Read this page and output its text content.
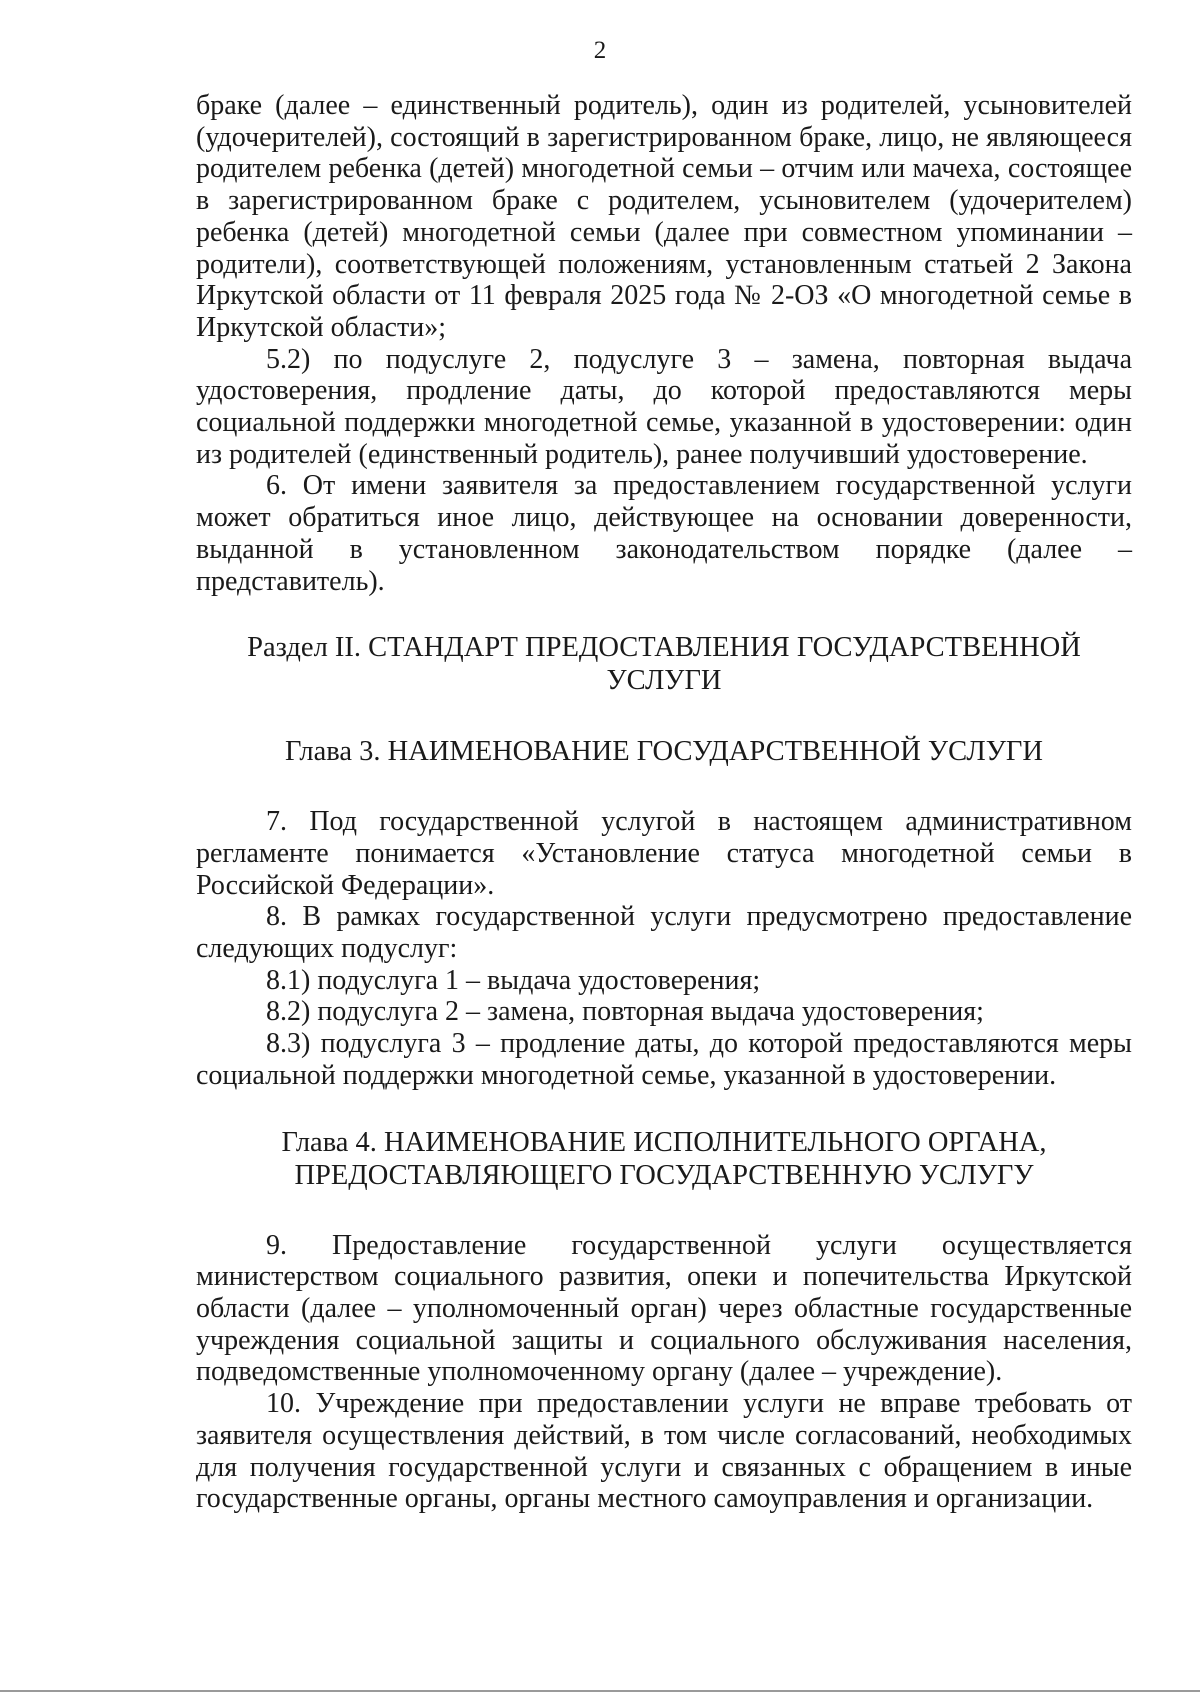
2

браке (далее – единственный родитель), один из родителей, усыновителей (удочерителей), состоящий в зарегистрированном браке, лицо, не являющееся родителем ребенка (детей) многодетной семьи – отчим или мачеха, состоящее в зарегистрированном браке с родителем, усыновителем (удочерителем) ребенка (детей) многодетной семьи (далее при совместном упоминании – родители), соответствующей положениям, установленным статьей 2 Закона Иркутской области от 11 февраля 2025 года № 2-ОЗ «О многодетной семье в Иркутской области»;

5.2) по подуслуге 2, подуслуге 3 – замена, повторная выдача удостоверения, продление даты, до которой предоставляются меры социальной поддержки многодетной семье, указанной в удостоверении: один из родителей (единственный родитель), ранее получивший удостоверение.

6. От имени заявителя за предоставлением государственной услуги может обратиться иное лицо, действующее на основании доверенности, выданной в установленном законодательством порядке (далее – представитель).

Раздел II. СТАНДАРТ ПРЕДОСТАВЛЕНИЯ ГОСУДАРСТВЕННОЙ
УСЛУГИ
Глава 3. НАИМЕНОВАНИЕ ГОСУДАРСТВЕННОЙ УСЛУГИ

7. Под государственной услугой в настоящем административном регламенте понимается «Установление статуса многодетной семьи в Российской Федерации».

8. В рамках государственной услуги предусмотрено предоставление следующих подуслуг:

8.1) подуслуга 1 – выдача удостоверения;

8.2) подуслуга 2 – замена, повторная выдача удостоверения;

8.3) подуслуга 3 – продление даты, до которой предоставляются меры социальной поддержки многодетной семье, указанной в удостоверении.

Глава 4. НАИМЕНОВАНИЕ ИСПОЛНИТЕЛЬНОГО ОРГАНА,
ПРЕДОСТАВЛЯЮЩЕГО ГОСУДАРСТВЕННУЮ УСЛУГУ

9. Предоставление государственной услуги осуществляется министерством социального развития, опеки и попечительства Иркутской области (далее – уполномоченный орган) через областные государственные учреждения социальной защиты и социального обслуживания населения, подведомственные уполномоченному органу (далее – учреждение).

10. Учреждение при предоставлении услуги не вправе требовать от заявителя осуществления действий, в том числе согласований, необходимых для получения государственной услуги и связанных с обращением в иные государственные органы, органы местного самоуправления и организации.
